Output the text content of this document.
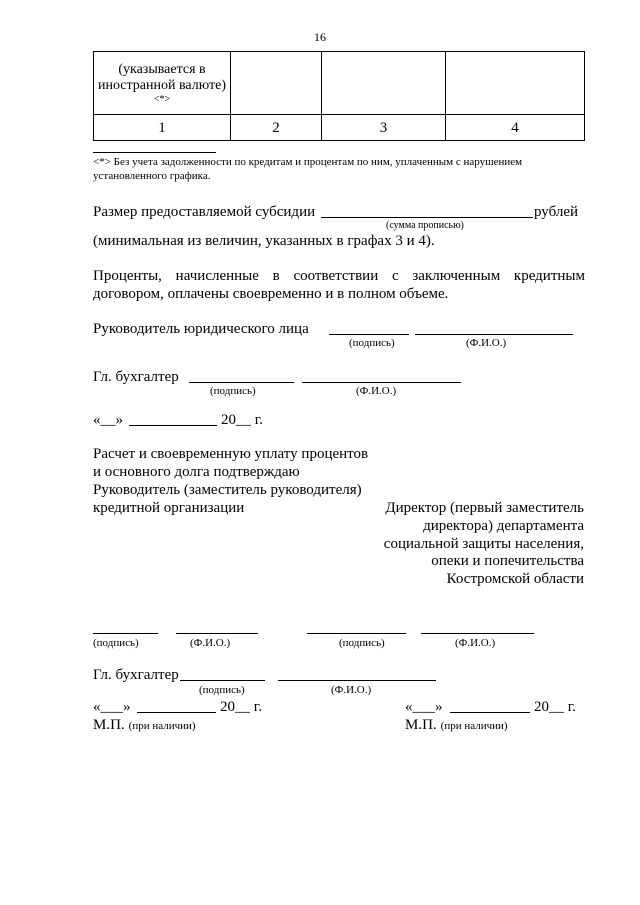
16
(указывается в иностранной валюте)
<*>			

1	2	3	4
<*> Без учета задолженности по кредитам и процентам по ним, уплаченным с нарушением
установленного графика.
Размер предоставляемой субсидии	рублей
(сумма прописью)
(минимальная из величин, указанных в графах 3 и 4).
Проценты, начисленные в соответствии с заключенным кредитным
договором, оплачены своевременно и в полном объеме.
Руководитель юридического лица
(подпись)	(Ф.И.О.)
Гл. бухгалтер
(подпись)	(Ф.И.О.)
«__»	20__ г.
Расчет и своевременную уплату процентов
и основного долга подтверждаю
Руководитель (заместитель руководителя)
кредитной организации	Директор (первый заместитель
директора) департамента
социальной защиты населения,
опеки и попечительства
Костромской области
(подпись)	(Ф.И.О.)	(подпись)	(Ф.И.О.)
Гл. бухгалтер
(подпись)	(Ф.И.О.)
«___»	20__ г.	«___»	20__ г.
М.П. (при наличии)	М.П. (при наличии)
